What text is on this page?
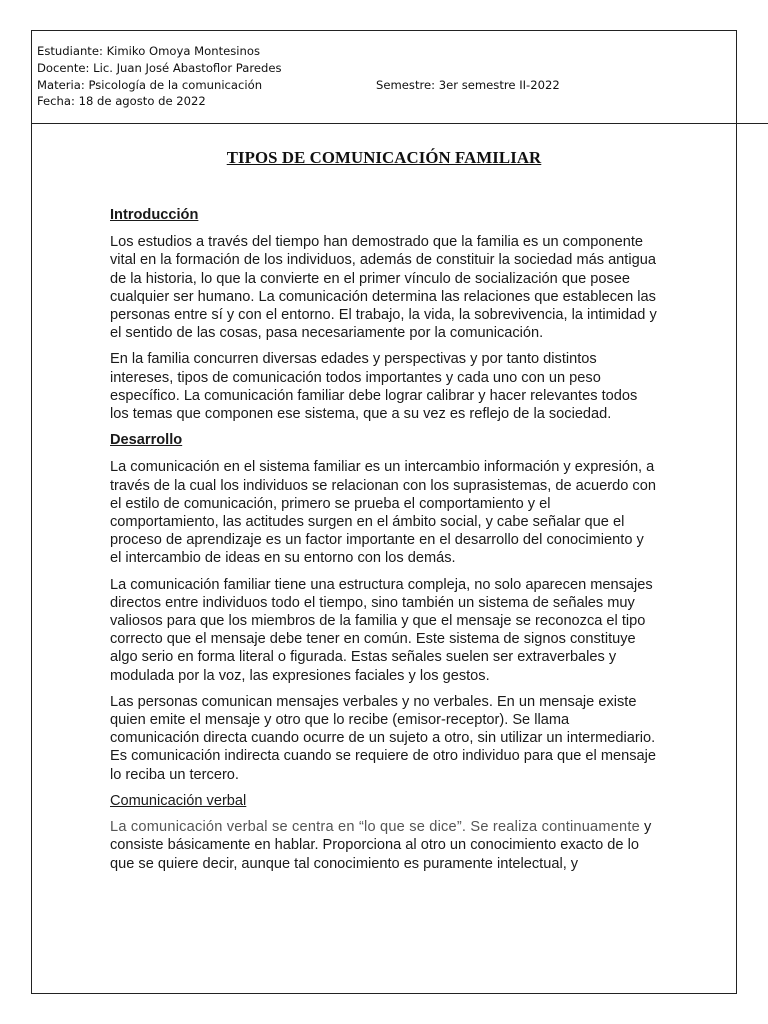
Estudiante: Kimiko Omoya Montesinos
Docente: Lic. Juan José Abastoflor Paredes
Materia: Psicología de la comunicación	Semestre: 3er semestre II-2022
Fecha: 18 de agosto de 2022
TIPOS DE COMUNICACIÓN FAMILIAR
Introducción

Los estudios a través del tiempo han demostrado que la familia es un componente vital en la formación de los individuos, además de constituir la sociedad más antigua de la historia, lo que la convierte en el primer vínculo de socialización que posee cualquier ser humano. La comunicación determina las relaciones que establecen las personas entre sí y con el entorno. El trabajo, la vida, la sobrevivencia, la intimidad y el sentido de las cosas, pasa necesariamente por la comunicación.

En la familia concurren diversas edades y perspectivas y por tanto distintos intereses, tipos de comunicación todos importantes y cada uno con un peso específico. La comunicación familiar debe lograr calibrar y hacer relevantes todos los temas que componen ese sistema, que a su vez es reflejo de la sociedad.

Desarrollo

La comunicación en el sistema familiar es un intercambio información y expresión, a través de la cual los individuos se relacionan con los suprasistemas, de acuerdo con el estilo de comunicación, primero se prueba el comportamiento y el comportamiento, las actitudes surgen en el ámbito social, y cabe señalar que el proceso de aprendizaje es un factor importante en el desarrollo del conocimiento y el intercambio de ideas en su entorno con los demás.

La comunicación familiar tiene una estructura compleja, no solo aparecen mensajes directos entre individuos todo el tiempo, sino también un sistema de señales muy valiosos para que los miembros de la familia y que el mensaje se reconozca el tipo correcto que el mensaje debe tener en común. Este sistema de signos constituye algo serio en forma literal o figurada. Estas señales suelen ser extraverbales y modulada por la voz, las expresiones faciales y los gestos.

Las personas comunican mensajes verbales y no verbales. En un mensaje existe quien emite el mensaje y otro que lo recibe (emisor-receptor). Se llama comunicación directa cuando ocurre de un sujeto a otro, sin utilizar un intermediario. Es comunicación indirecta cuando se requiere de otro individuo para que el mensaje lo reciba un tercero.

Comunicación verbal

La comunicación verbal se centra en “lo que se dice”. Se realiza continuamente y consiste básicamente en hablar. Proporciona al otro un conocimiento exacto de lo que se quiere decir, aunque tal conocimiento es puramente intelectual, y
